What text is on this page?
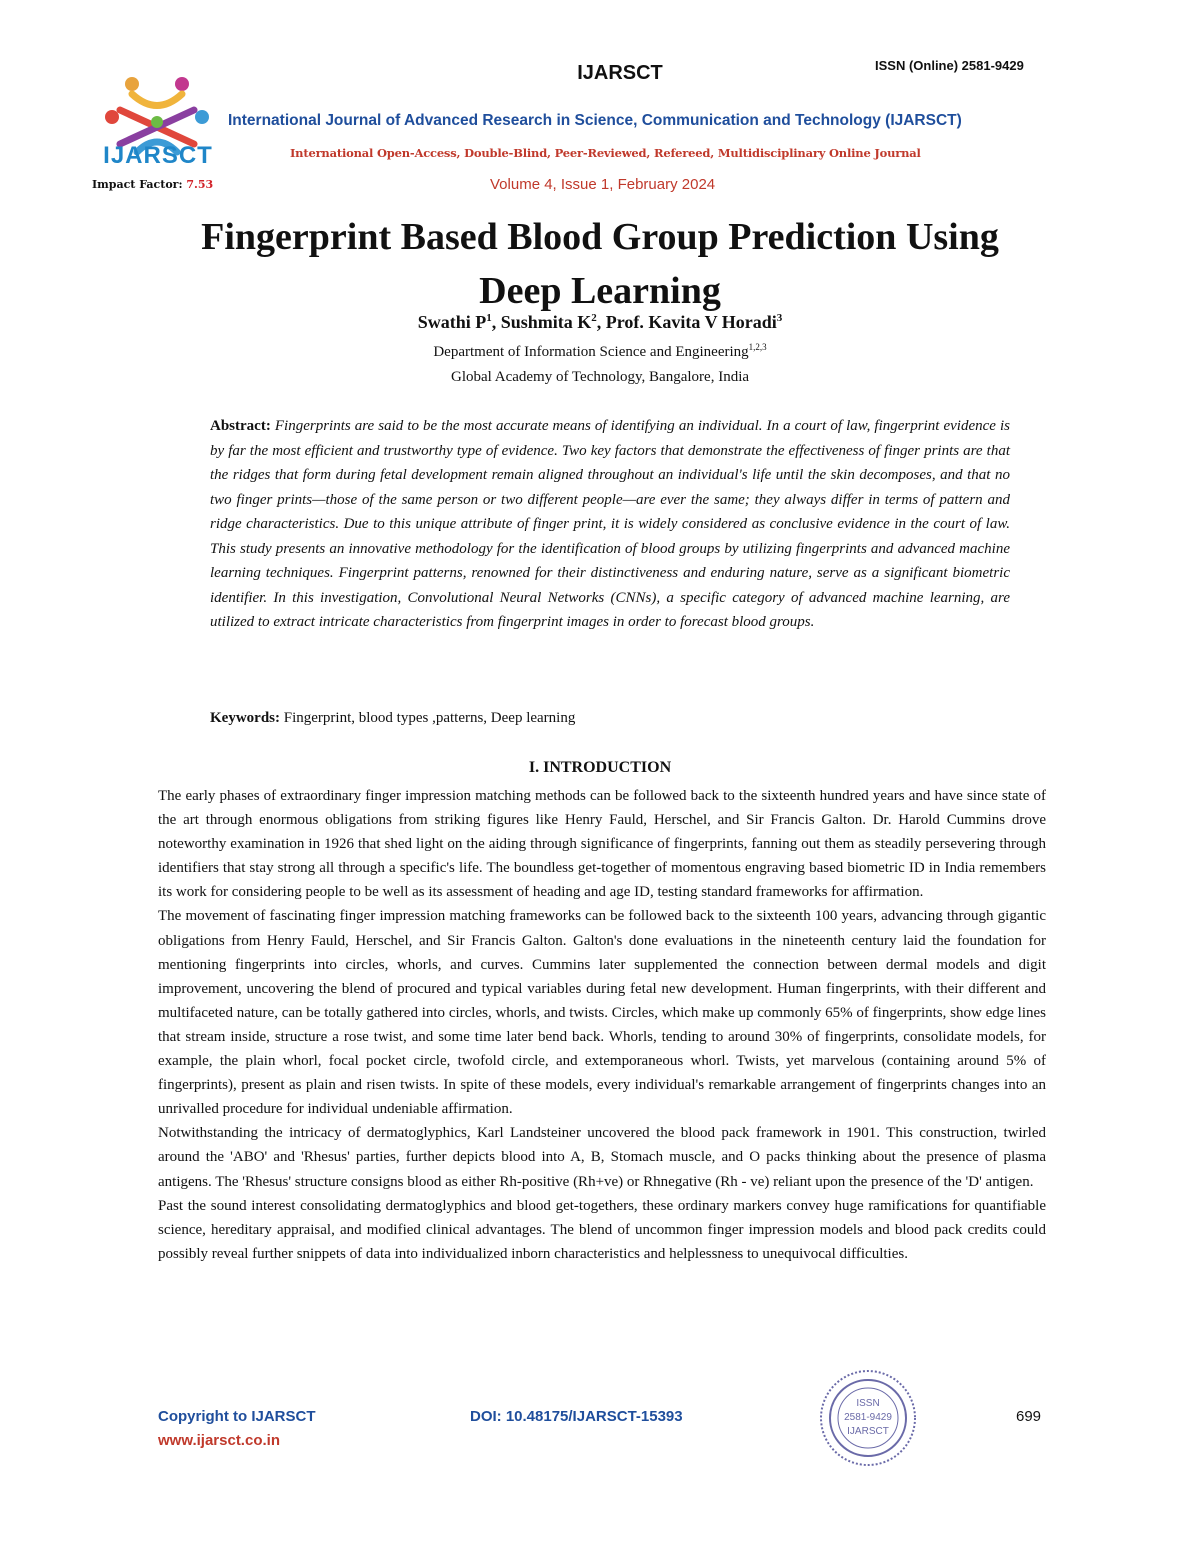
IJARSCT
IJARSCT	ISSN (Online) 2581-9429
International Journal of Advanced Research in Science, Communication and Technology (IJARSCT)
International Open-Access, Double-Blind, Peer-Reviewed, Refereed, Multidisciplinary Online Journal
Impact Factor: 7.53	Volume 4, Issue 1, February 2024
Fingerprint Based Blood Group Prediction Using
Deep Learning
Swathi $P^1$, Sushmita $K^2$, Prof. Kavita V Horadi$^3$
Department of Information Science and Engineering$^{1,2,3}$
Global Academy of Technology, Bangalore, India
Abstract: Fingerprints are said to be the most accurate means of identifying an individual. In a court of law, fingerprint evidence is by far the most efficient and trustworthy type of evidence. Two key factors that demonstrate the effectiveness of finger prints are that the ridges that form during fetal development remain aligned throughout an individual's life until the skin decomposes, and that no two finger prints—those of the same person or two different people—are ever the same; they always differ in terms of pattern and ridge characteristics. Due to this unique attribute of finger print, it is widely considered as conclusive evidence in the court of law. This study presents an innovative methodology for the identification of blood groups by utilizing fingerprints and advanced machine learning techniques. Fingerprint patterns, renowned for their distinctiveness and enduring nature, serve as a significant biometric identifier. In this investigation, Convolutional Neural Networks (CNNs), a specific category of advanced machine learning, are utilized to extract intricate characteristics from fingerprint images in order to forecast blood groups.
Keywords: Fingerprint, blood types ,patterns, Deep learning
I. INTRODUCTION

The early phases of extraordinary finger impression matching methods can be followed back to the sixteenth hundred years and have since state of the art through enormous obligations from striking figures like Henry Fauld, Herschel, and Sir Francis Galton. Dr. Harold Cummins drove noteworthy examination in 1926 that shed light on the aiding through significance of fingerprints, fanning out them as steadily persevering through identifiers that stay strong all through a specific's life. The boundless get-together of momentous engraving based biometric ID in India remembers its work for considering people to be well as its assessment of heading and age ID, testing standard frameworks for affirmation.

The movement of fascinating finger impression matching frameworks can be followed back to the sixteenth 100 years, advancing through gigantic obligations from Henry Fauld, Herschel, and Sir Francis Galton. Galton's done evaluations in the nineteenth century laid the foundation for mentioning fingerprints into circles, whorls, and curves. Cummins later supplemented the connection between dermal models and digit improvement, uncovering the blend of procured and typical variables during fetal new development. Human fingerprints, with their different and multifaceted nature, can be totally gathered into circles, whorls, and twists. Circles, which make up commonly 65% of fingerprints, show edge lines that stream inside, structure a rose twist, and some time later bend back. Whorls, tending to around 30% of fingerprints, consolidate models, for example, the plain whorl, focal pocket circle, twofold circle, and extemporaneous whorl. Twists, yet marvelous (containing around 5% of fingerprints), present as plain and risen twists. In spite of these models, every individual's remarkable arrangement of fingerprints changes into an unrivalled procedure for individual undeniable affirmation.

Notwithstanding the intricacy of dermatoglyphics, Karl Landsteiner uncovered the blood pack framework in 1901. This construction, twirled around the 'ABO' and 'Rhesus' parties, further depicts blood into A, B, Stomach muscle, and O packs thinking about the presence of plasma antigens. The 'Rhesus' structure consigns blood as either Rh-positive (Rh+ve) or Rhnegative (Rh - ve) reliant upon the presence of the 'D' antigen.

Past the sound interest consolidating dermatoglyphics and blood get-togethers, these ordinary markers convey huge ramifications for quantifiable science, hereditary appraisal, and modified clinical advantages. The blend of uncommon finger impression models and blood pack credits could possibly reveal further snippets of data into individualized inborn characteristics and helplessness to unequivocal difficulties.

Copyright to IJARSCT
www.ijarsct.co.in
DOI: 10.48175/IJARSCT-15393
ISSN
2581-9429
IJARSCT
699
